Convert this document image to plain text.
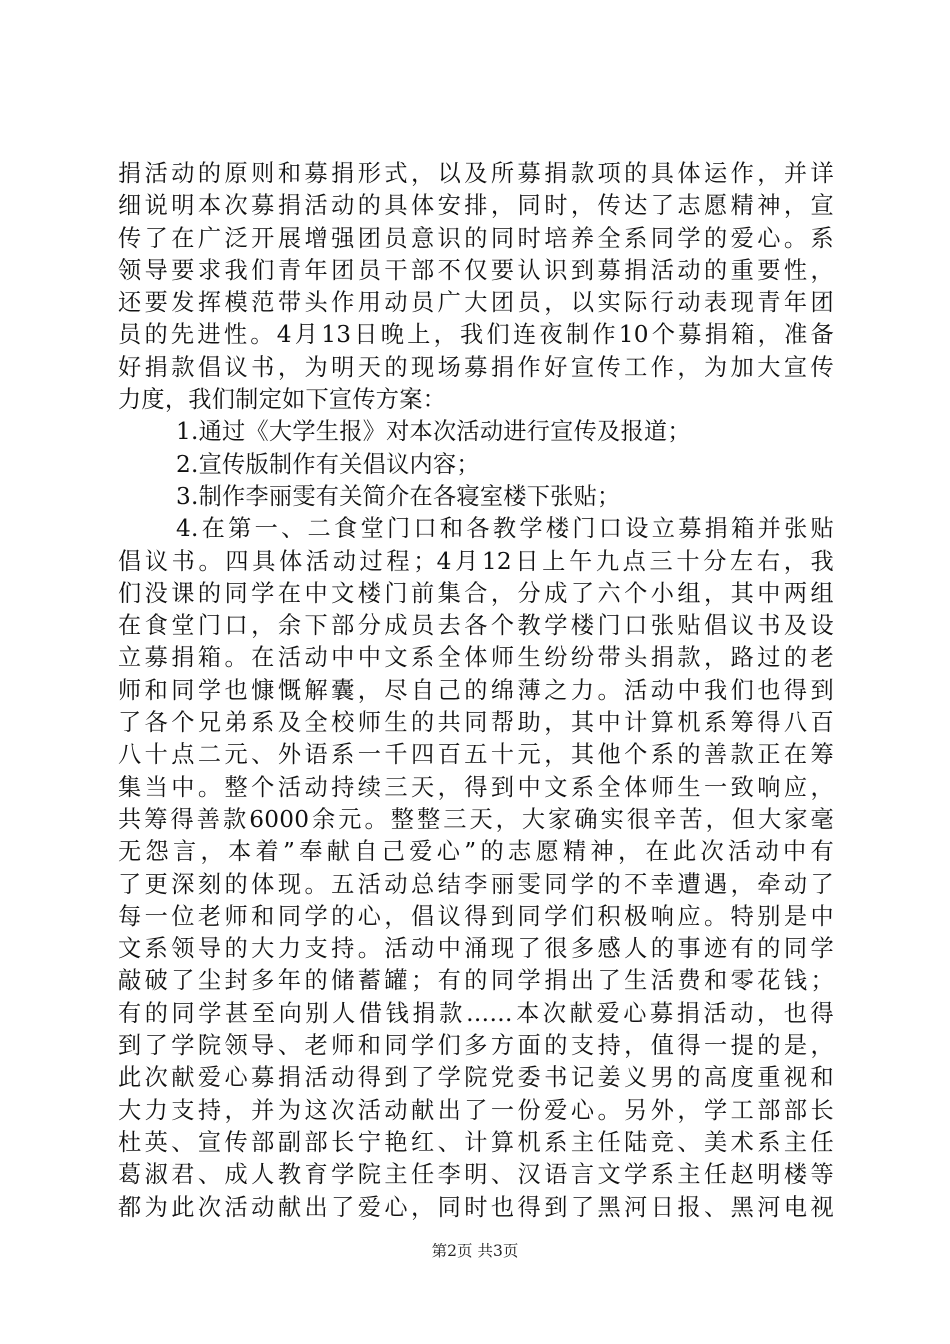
捐活动的原则和募捐形式，以及所募捐款项的具体运作，并详
细说明本次募捐活动的具体安排，同时，传达了志愿精神，宣
传了在广泛开展增强团员意识的同时培养全系同学的爱心。系
领导要求我们青年团员干部不仅要认识到募捐活动的重要性，
还要发挥模范带头作用动员广大团员，以实际行动表现青年团
员的先进性。4月13日晚上，我们连夜制作10个募捐箱，准备
好捐款倡议书，为明天的现场募捐作好宣传工作，为加大宣传
力度，我们制定如下宣传方案：
1.通过《大学生报》对本次活动进行宣传及报道；
2.宣传版制作有关倡议内容；
3.制作李丽雯有关简介在各寝室楼下张贴；
4.在第一、二食堂门口和各教学楼门口设立募捐箱并张贴
倡议书。四具体活动过程；4月12日上午九点三十分左右，我
们没课的同学在中文楼门前集合，分成了六个小组，其中两组
在食堂门口，余下部分成员去各个教学楼门口张贴倡议书及设
立募捐箱。在活动中中文系全体师生纷纷带头捐款，路过的老
师和同学也慷慨解囊，尽自己的绵薄之力。活动中我们也得到
了各个兄弟系及全校师生的共同帮助，其中计算机系筹得八百
八十点二元、外语系一千四百五十元，其他个系的善款正在筹
集当中。整个活动持续三天，得到中文系全体师生一致响应，
共筹得善款6000余元。整整三天，大家确实很辛苦，但大家毫
无怨言，本着”奉献自己爱心”的志愿精神，在此次活动中有
了更深刻的体现。五活动总结李丽雯同学的不幸遭遇，牵动了
每一位老师和同学的心，倡议得到同学们积极响应。特别是中
文系领导的大力支持。活动中涌现了很多感人的事迹有的同学
敲破了尘封多年的储蓄罐；有的同学捐出了生活费和零花钱；
有的同学甚至向别人借钱捐款……本次献爱心募捐活动，也得
到了学院领导、老师和同学们多方面的支持，值得一提的是，
此次献爱心募捐活动得到了学院党委书记姜义男的高度重视和
大力支持，并为这次活动献出了一份爱心。另外，学工部部长
杜英、宣传部副部长宁艳红、计算机系主任陆竞、美术系主任
葛淑君、成人教育学院主任李明、汉语言文学系主任赵明楼等
都为此次活动献出了爱心，同时也得到了黑河日报、黑河电视
第2页 共3页
